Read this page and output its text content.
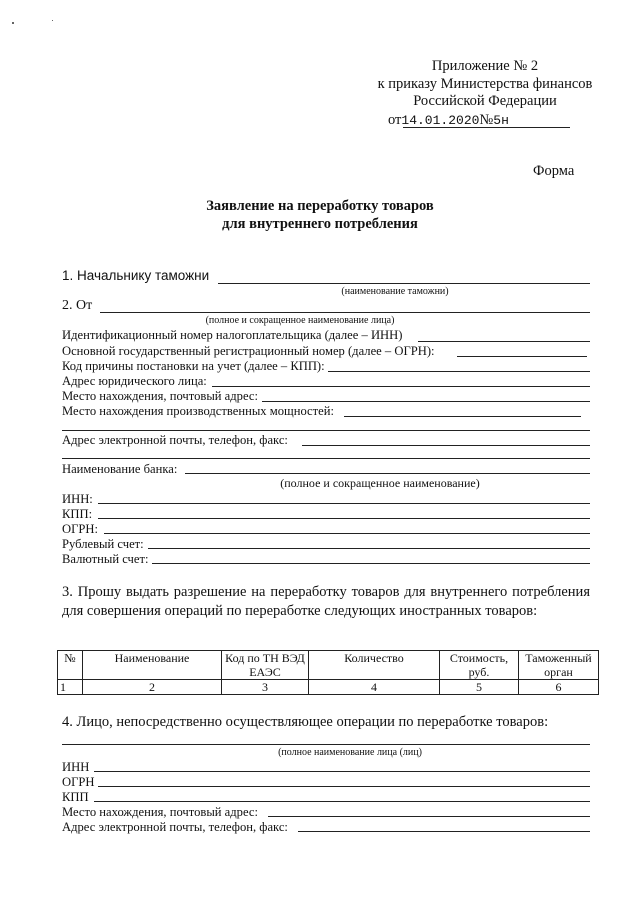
Приложение № 2
к приказу Министерства финансов
Российской Федерации
от14.01.2020№5н
Форма
Заявление на переработку товаров
для внутреннего потребления
1. Начальнику таможни
(наименование таможни)
2. От
(полное и сокращенное наименование лица)
Идентификационный номер налогоплательщика (далее – ИНН)
Основной государственный регистрационный номер (далее – ОГРН):
Код причины постановки на учет (далее – КПП):
Адрес юридического лица:
Место нахождения, почтовый адрес:
Место нахождения производственных мощностей:
Адрес электронной почты, телефон, факс:
Наименование банка:
(полное и сокращенное наименование)
ИНН:
КПП:
ОГРН:
Рублевый счет:
Валютный счет:
3. Прошу выдать разрешение на переработку товаров для внутреннего потребления для совершения операций по переработке следующих иностранных товаров:
№	Наименование	Код по ТН ВЭД ЕАЭС	Количество	Стоимость, руб.	Таможенный орган
1	2	3	4	5	6
4. Лицо, непосредственно осуществляющее операции по переработке товаров:
(полное наименование лица (лиц)
ИНН
ОГРН
КПП
Место нахождения, почтовый адрес:
Адрес электронной почты, телефон, факс:
